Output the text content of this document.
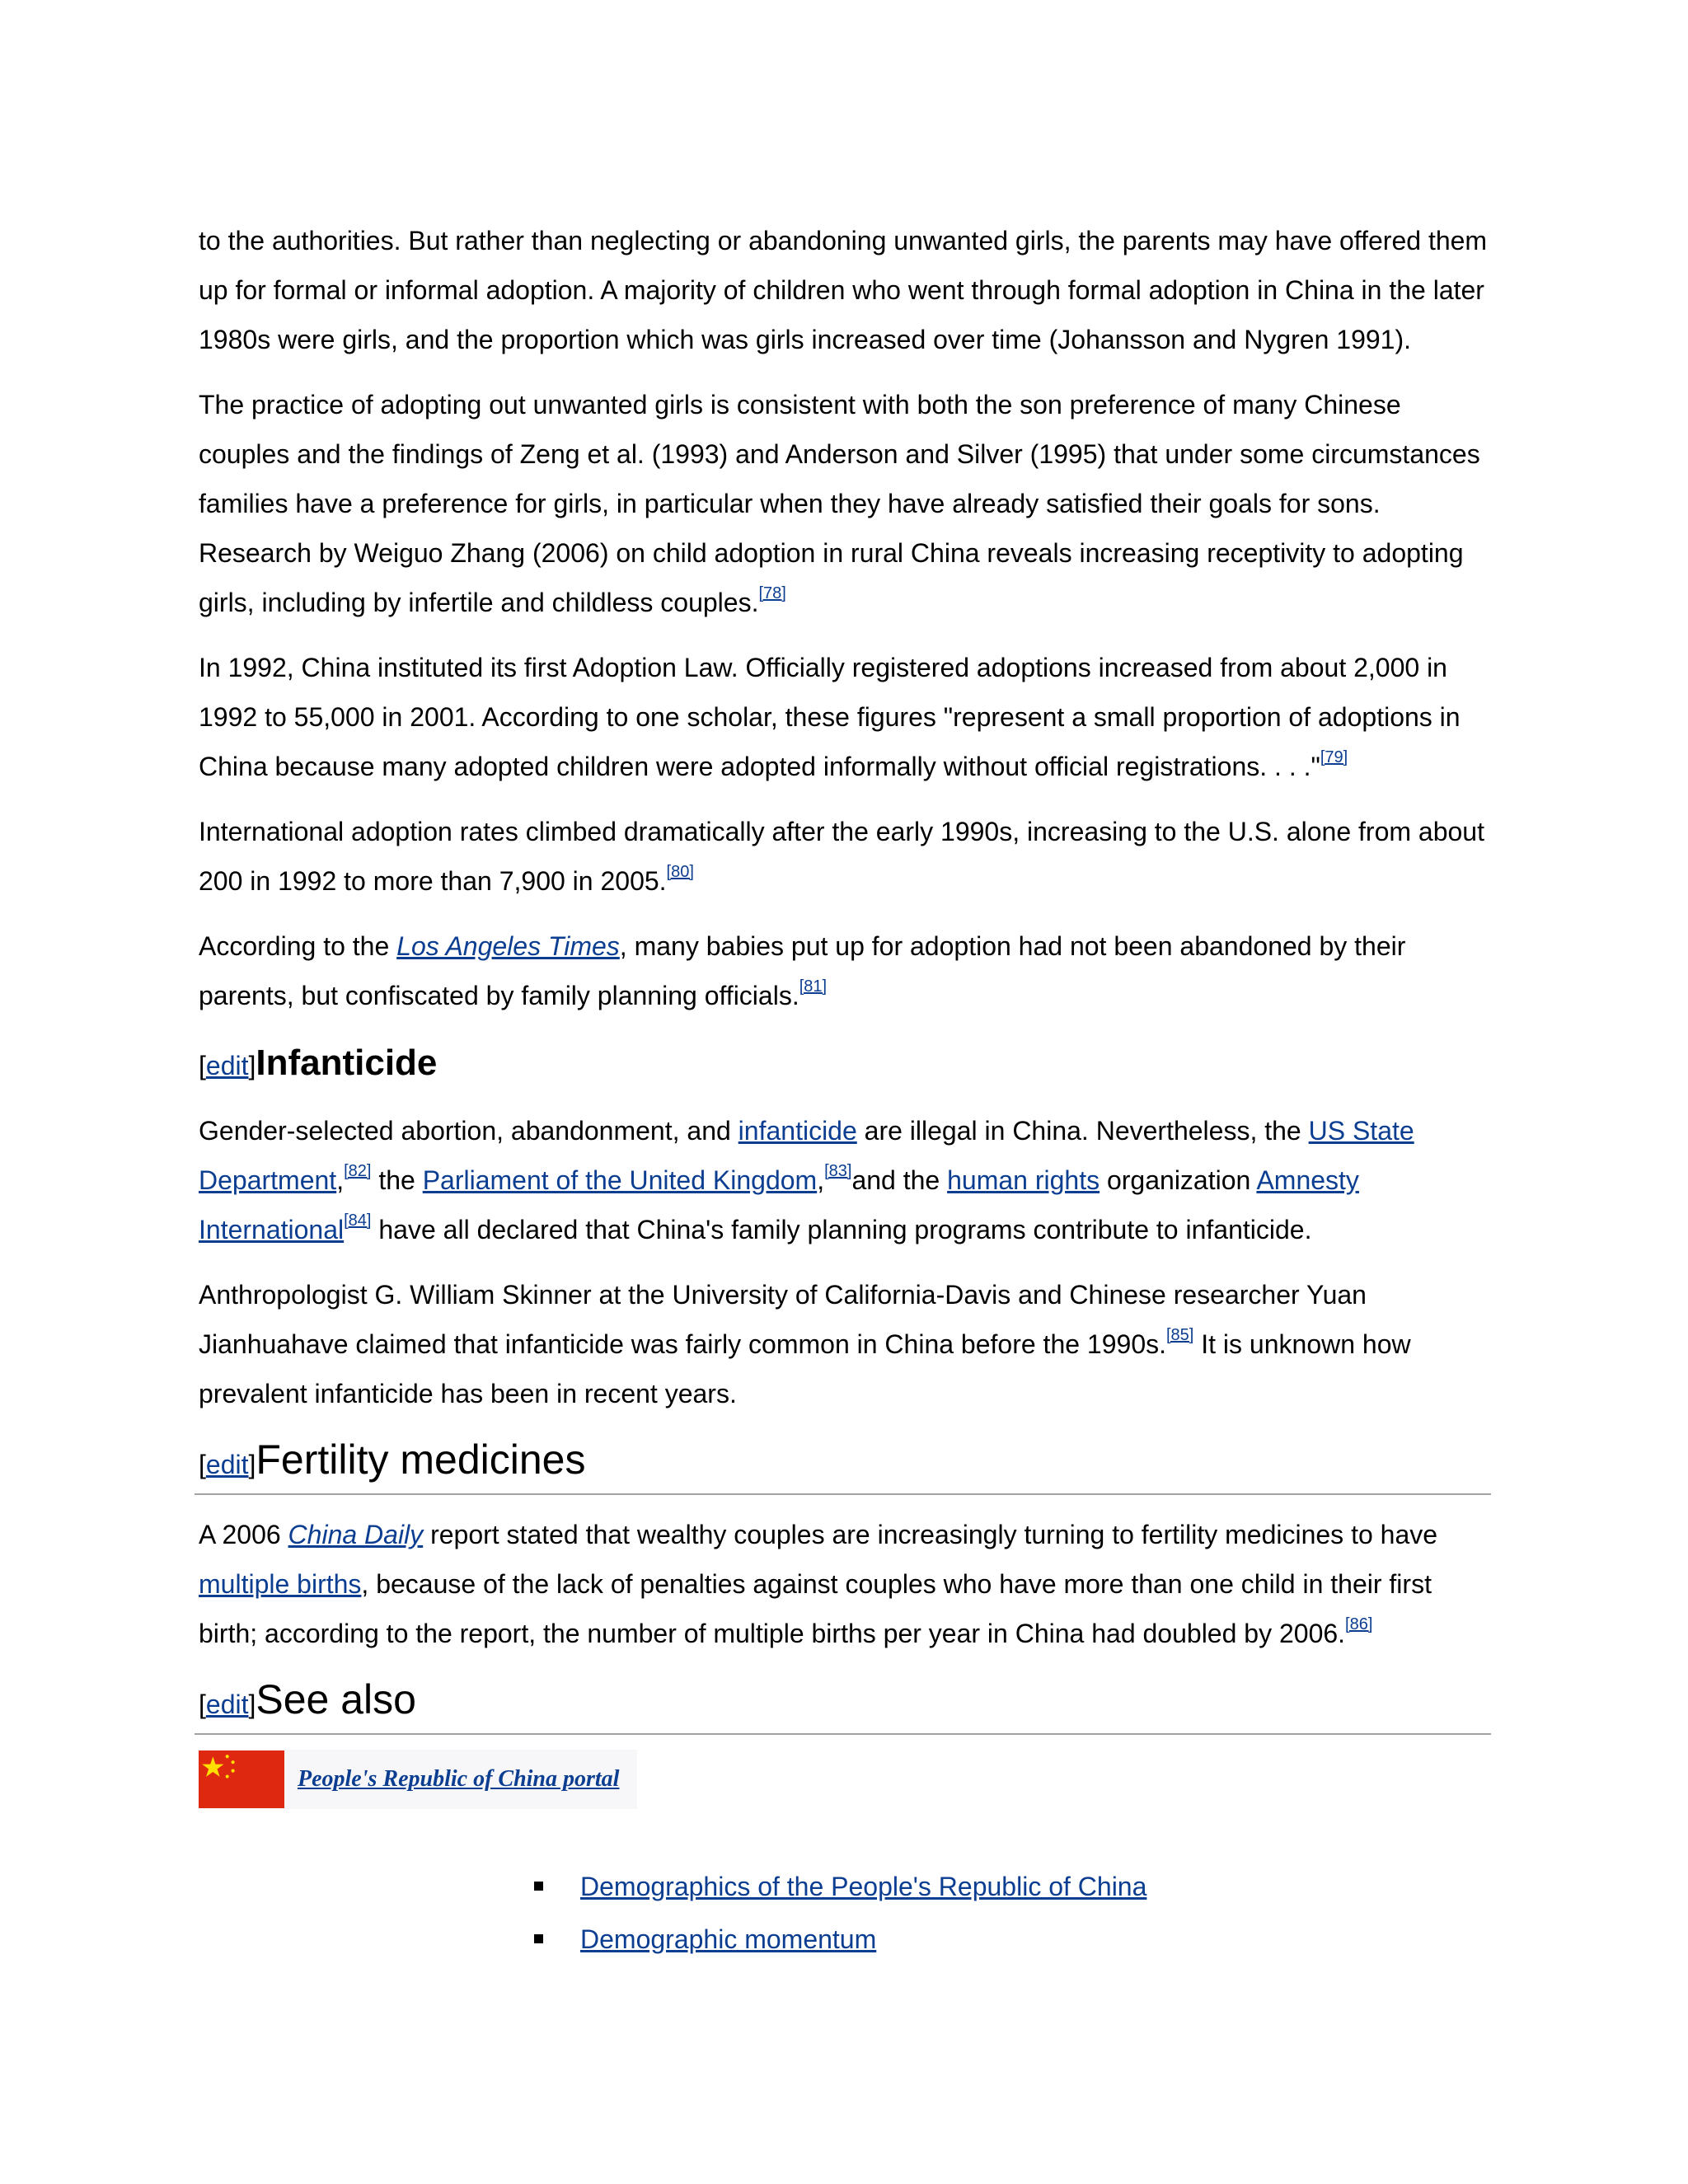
to the authorities. But rather than neglecting or abandoning unwanted girls, the parents may have offered them up for formal or informal adoption. A majority of children who went through formal adoption in China in the later 1980s were girls, and the proportion which was girls increased over time (Johansson and Nygren 1991).

The practice of adopting out unwanted girls is consistent with both the son preference of many Chinese couples and the findings of Zeng et al. (1993) and Anderson and Silver (1995) that under some circumstances families have a preference for girls, in particular when they have already satisfied their goals for sons. Research by Weiguo Zhang (2006) on child adoption in rural China reveals increasing receptivity to adopting girls, including by infertile and childless couples.[78]

In 1992, China instituted its first Adoption Law. Officially registered adoptions increased from about 2,000 in 1992 to 55,000 in 2001. According to one scholar, these figures "represent a small proportion of adoptions in China because many adopted children were adopted informally without official registrations. . . ."[79]

International adoption rates climbed dramatically after the early 1990s, increasing to the U.S. alone from about 200 in 1992 to more than 7,900 in 2005.[80]

According to the Los Angeles Times, many babies put up for adoption had not been abandoned by their parents, but confiscated by family planning officials.[81]

[edit]Infanticide

Gender-selected abortion, abandonment, and infanticide are illegal in China. Nevertheless, the US State Department,[82] the Parliament of the United Kingdom,[83]and the human rights organization Amnesty International[84] have all declared that China's family planning programs contribute to infanticide.

Anthropologist G. William Skinner at the University of California-Davis and Chinese researcher Yuan Jianhuahave claimed that infanticide was fairly common in China before the 1990s.[85] It is unknown how prevalent infanticide has been in recent years.

[edit]Fertility medicines

A 2006 China Daily report stated that wealthy couples are increasingly turning to fertility medicines to have multiple births, because of the lack of penalties against couples who have more than one child in their first birth; according to the report, the number of multiple births per year in China had doubled by 2006.[86]

[edit]See also
People's Republic of China portal
Demographics of the People's Republic of China
Demographic momentum
